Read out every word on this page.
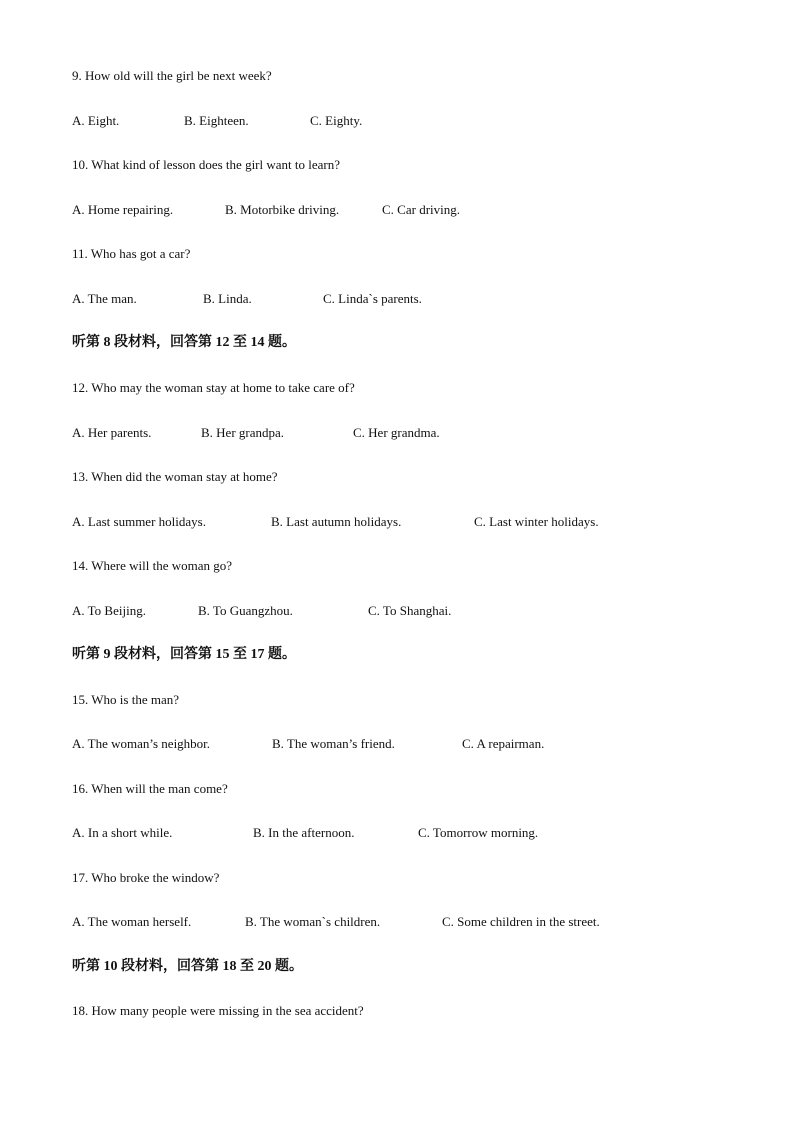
9. How old will the girl be next week?
A. Eight.	B. Eighteen.	C. Eighty.
10. What kind of lesson does the girl want to learn?
A. Home repairing.	B. Motorbike driving.	C. Car driving.
11. Who has got a car?
A. The man.	B. Linda.	C. Linda`s parents.
听第 8 段材料，回答第 12 至 14 题。
12. Who may the woman stay at home to take care of?
A. Her parents.	B. Her grandpa.	C. Her grandma.
13. When did the woman stay at home?
A. Last summer holidays.	B. Last autumn holidays.	C. Last winter holidays.
14. Where will the woman go?
A. To Beijing.	B. To Guangzhou.	C. To Shanghai.
听第 9 段材料，回答第 15 至 17 题。
15. Who is the man?
A. The woman’s neighbor.	B. The woman’s friend.	C. A repairman.
16. When will the man come?
A. In a short while.	B. In the afternoon.	C. Tomorrow morning.
17. Who broke the window?
A. The woman herself.	B. The woman`s children.	C. Some children in the street.
听第 10 段材料，回答第 18 至 20 题。
18. How many people were missing in the sea accident?
